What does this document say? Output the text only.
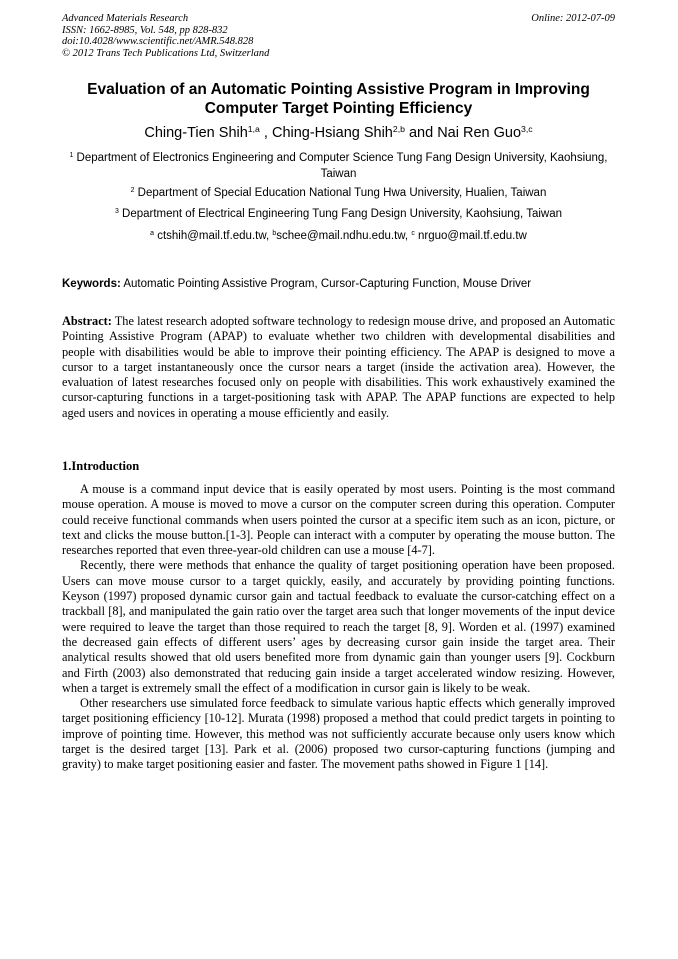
Advanced Materials Research
ISSN: 1662-8985, Vol. 548, pp 828-832
doi:10.4028/www.scientific.net/AMR.548.828
© 2012 Trans Tech Publications Ltd, Switzerland
Online: 2012-07-09
Evaluation of an Automatic Pointing Assistive Program in Improving Computer Target Pointing Efficiency
Ching-Tien Shih$^{1,a}$ , Ching-Hsiang Shih$^{2,b}$ and Nai Ren Guo$^{3,c}$
$^1$ Department of Electronics Engineering and Computer Science Tung Fang Design University, Kaohsiung, Taiwan
$^2$ Department of Special Education National Tung Hwa University, Hualien, Taiwan
$^3$ Department of Electrical Engineering Tung Fang Design University, Kaohsiung, Taiwan
$^a$ ctshih@mail.tf.edu.tw, $^b$schee@mail.ndhu.edu.tw, $^c$ nrguo@mail.tf.edu.tw
Keywords: Automatic Pointing Assistive Program, Cursor-Capturing Function, Mouse Driver
Abstract: The latest research adopted software technology to redesign mouse drive, and proposed an Automatic Pointing Assistive Program (APAP) to evaluate whether two children with developmental disabilities and people with disabilities would be able to improve their pointing efficiency. The APAP is designed to move a cursor to a target instantaneously once the cursor nears a target (inside the activation area). However, the evaluation of latest researches focused only on people with disabilities. This work exhaustively examined the cursor-capturing functions in a target-positioning task with APAP. The APAP functions are expected to help aged users and novices in operating a mouse efficiently and easily.
1.Introduction

A mouse is a command input device that is easily operated by most users. Pointing is the most command mouse operation. A mouse is moved to move a cursor on the computer screen during this operation. Computer could receive functional commands when users pointed the cursor at a specific item such as an icon, picture, or text and clicks the mouse button.[1-3]. People can interact with a computer by operating the mouse button. The researches reported that even three-year-old children can use a mouse [4-7].

Recently, there were methods that enhance the quality of target positioning operation have been proposed. Users can move mouse cursor to a target quickly, easily, and accurately by providing pointing functions. Keyson (1997) proposed dynamic cursor gain and tactual feedback to evaluate the cursor-catching effect on a trackball [8], and manipulated the gain ratio over the target area such that longer movements of the input device were required to leave the target than those required to reach the target [8, 9]. Worden et al. (1997) examined the decreased gain effects of different users’ ages by decreasing cursor gain inside the target area. Their analytical results showed that old users benefited more from dynamic gain than younger users [9]. Cockburn and Firth (2003) also demonstrated that reducing gain inside a target accelerated window resizing. However, when a target is extremely small the effect of a modification in cursor gain is likely to be weak.

Other researchers use simulated force feedback to simulate various haptic effects which generally improved target positioning efficiency [10-12]. Murata (1998) proposed a method that could predict targets in pointing to improve of pointing time. However, this method was not sufficiently accurate because only users know which target is the desired target [13]. Park et al. (2006) proposed two cursor-capturing functions (jumping and gravity) to make target positioning easier and faster. The movement paths showed in Figure 1 [14].
